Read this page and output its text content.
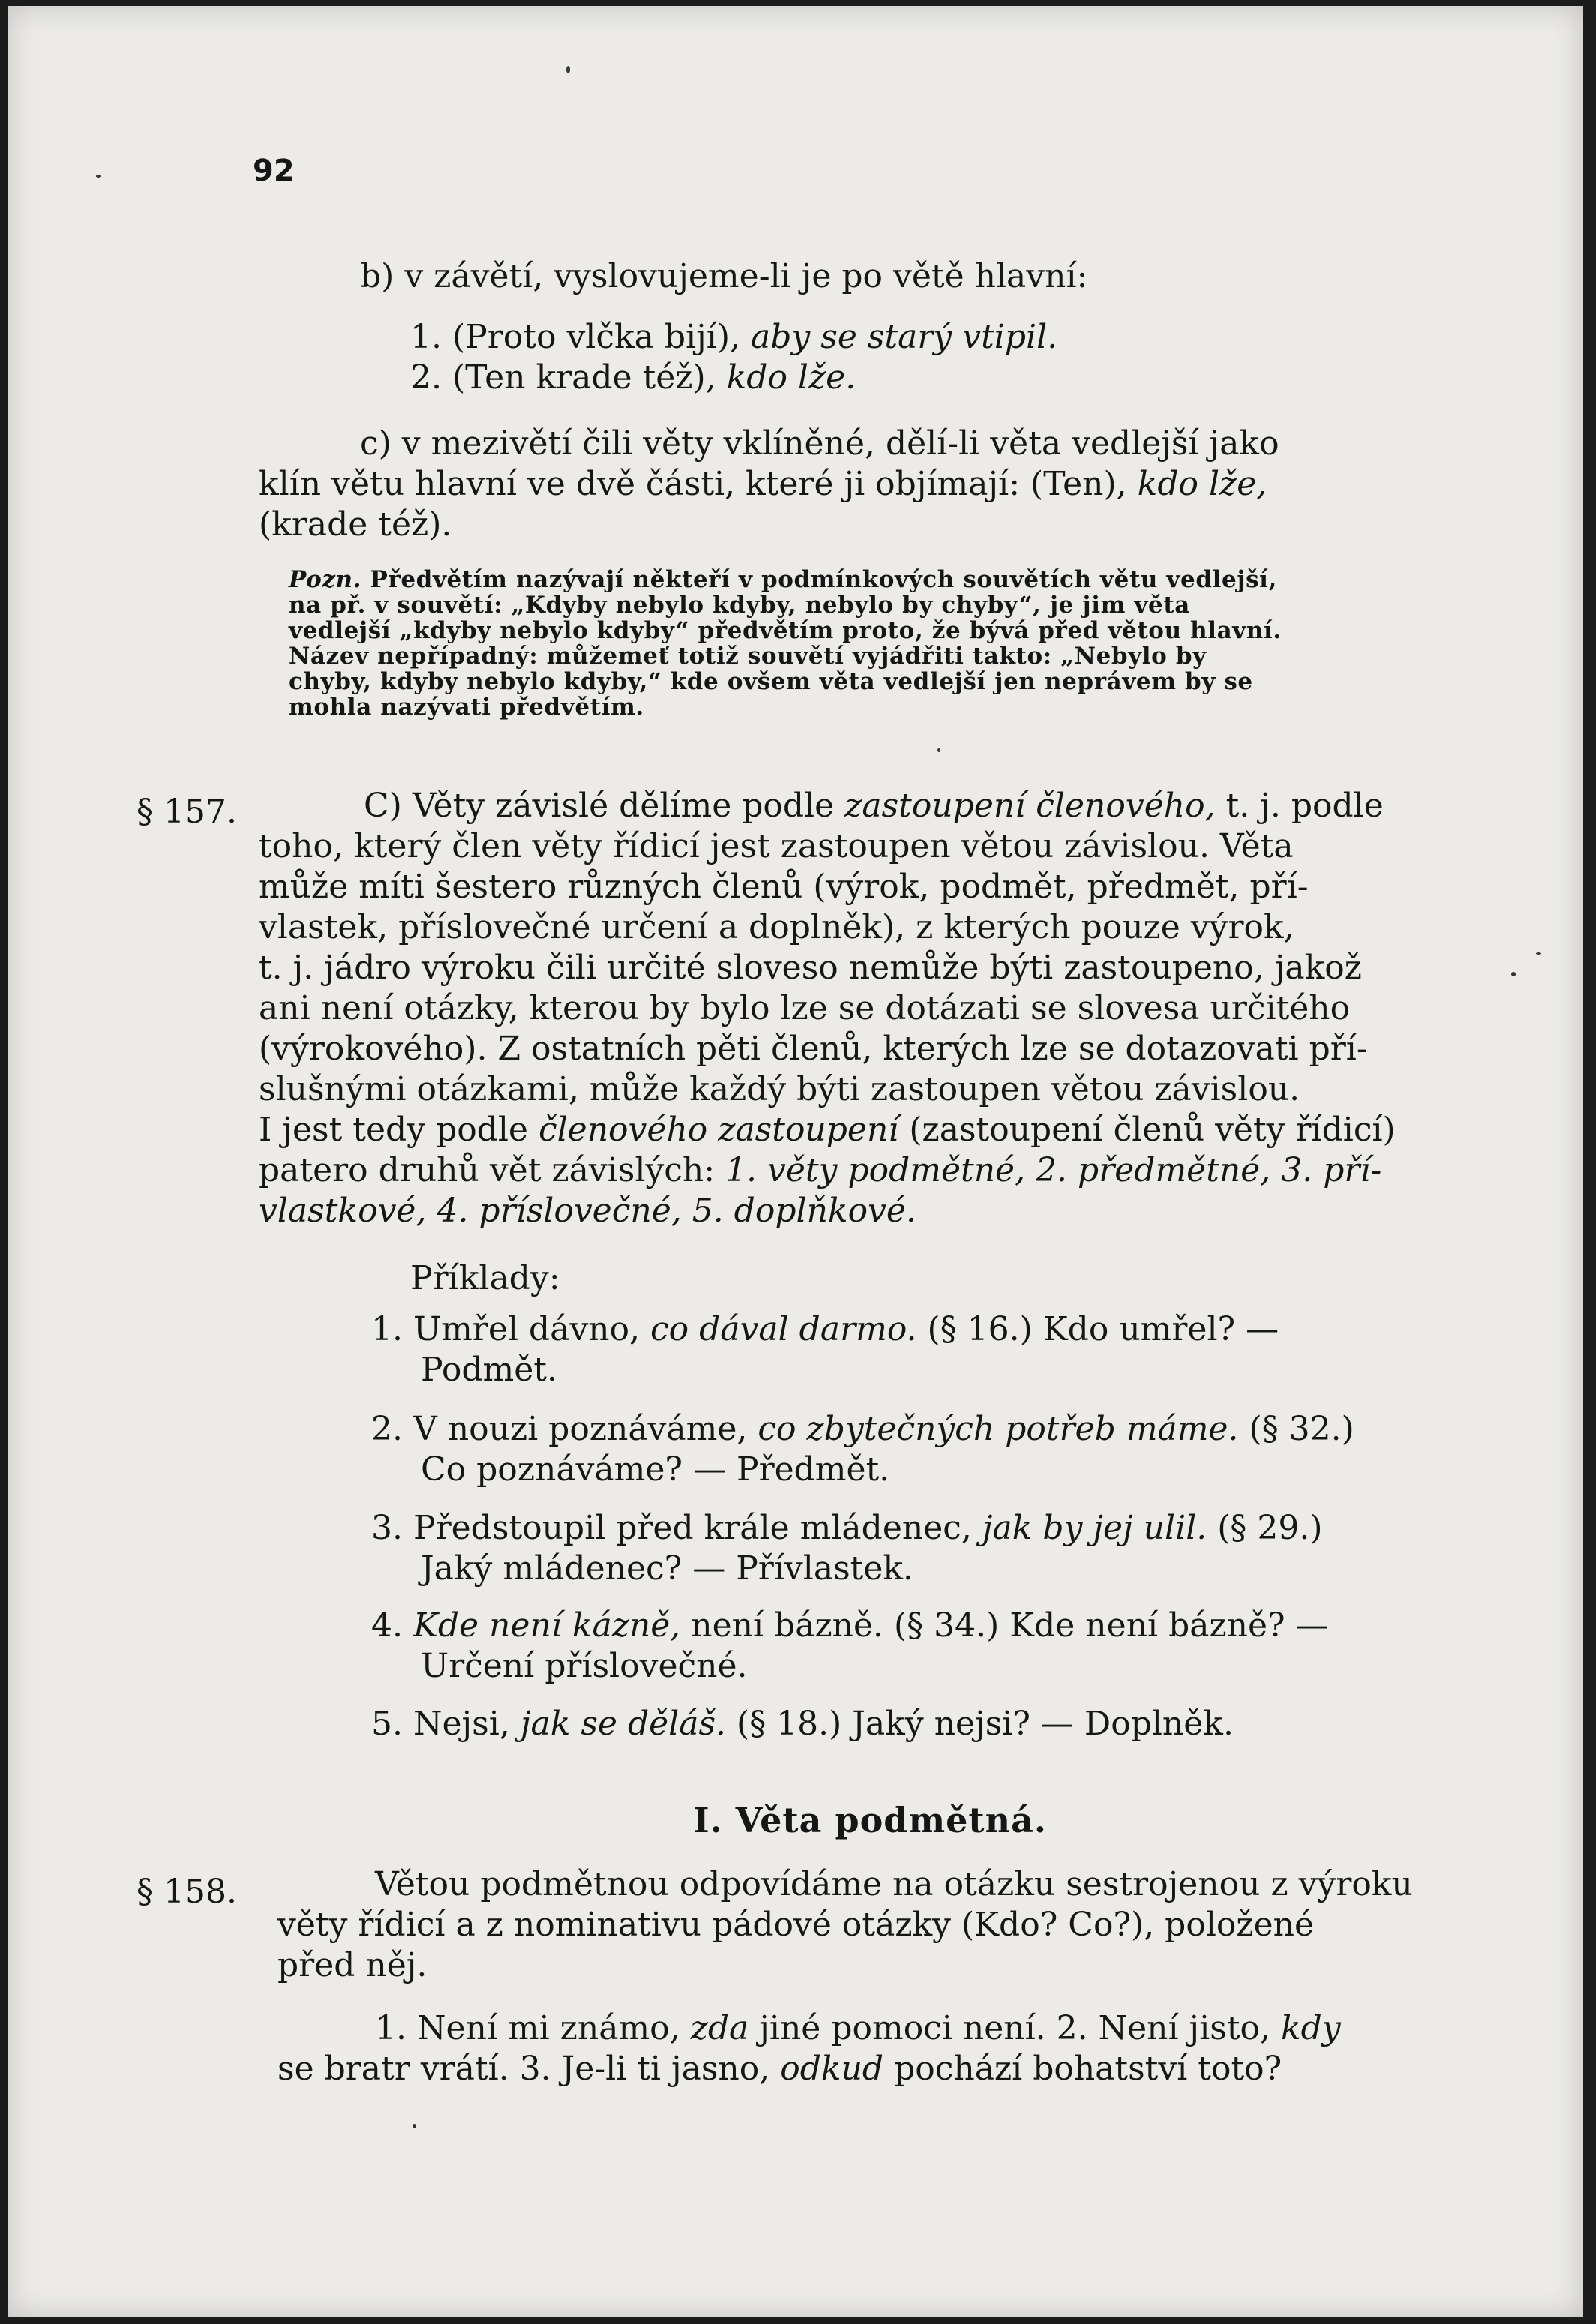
92
b) v závětí, vyslovujeme-li je po větě hlavní:
1. (Proto vlčka bijí), aby se starý vtipil.
2. (Ten krade též), kdo lže.
c) v mezivětí čili věty vklíněné, dělí-li věta vedlejší jako
klín větu hlavní ve dvě části, které ji objímají: (Ten), kdo lže,
(krade též).
Pozn. Předvětím nazývají někteří v podmínkových souvětích větu vedlejší,
na př. v souvětí: „Kdyby nebylo kdyby, nebylo by chyby“, je jim věta
vedlejší „kdyby nebylo kdyby“ předvětím proto, že bývá před větou hlavní.
Název nepřípadný: můžemeť totiž souvětí vyjádřiti takto: „Nebylo by
chyby, kdyby nebylo kdyby,“ kde ovšem věta vedlejší jen neprávem by se
mohla nazývati předvětím.
§ 157.	C) Věty závislé dělíme podle zastoupení členového, t. j. podle
toho, který člen věty řídicí jest zastoupen větou závislou. Věta
může míti šestero různých členů (výrok, podmět, předmět, pří-
vlastek, příslovečné určení a doplněk), z kterých pouze výrok,
t. j. jádro výroku čili určité sloveso nemůže býti zastoupeno, jakož
ani není otázky, kterou by bylo lze se dotázati se slovesa určitého
(výrokového). Z ostatních pěti členů, kterých lze se dotazovati pří-
slušnými otázkami, může každý býti zastoupen větou závislou.
I jest tedy podle členového zastoupení (zastoupení členů věty řídicí)
patero druhů vět závislých: 1. věty podmětné, 2. předmětné, 3. pří-
vlastkové, 4. příslovečné, 5. doplňkové.
Příklady:
1. Umřel dávno, co dával darmo. (§ 16.) Kdo umřel? —
Podmět.
2. V nouzi poznáváme, co zbytečných potřeb máme. (§ 32.)
Co poznáváme? — Předmět.
3. Předstoupil před krále mládenec, jak by jej ulil. (§ 29.)
Jaký mládenec? — Přívlastek.
4. Kde není kázně, není bázně. (§ 34.) Kde není bázně? —
Určení příslovečné.
5. Nejsi, jak se děláš. (§ 18.) Jaký nejsi? — Doplněk.
I. Věta podmětná.
§ 158.	Větou podmětnou odpovídáme na otázku sestrojenou z výroku
věty řídicí a z nominativu pádové otázky (Kdo? Co?), položené
před něj.
1. Není mi známo, zda jiné pomoci není. 2. Není jisto, kdy
se bratr vrátí. 3. Je-li ti jasno, odkud pochází bohatství toto?
